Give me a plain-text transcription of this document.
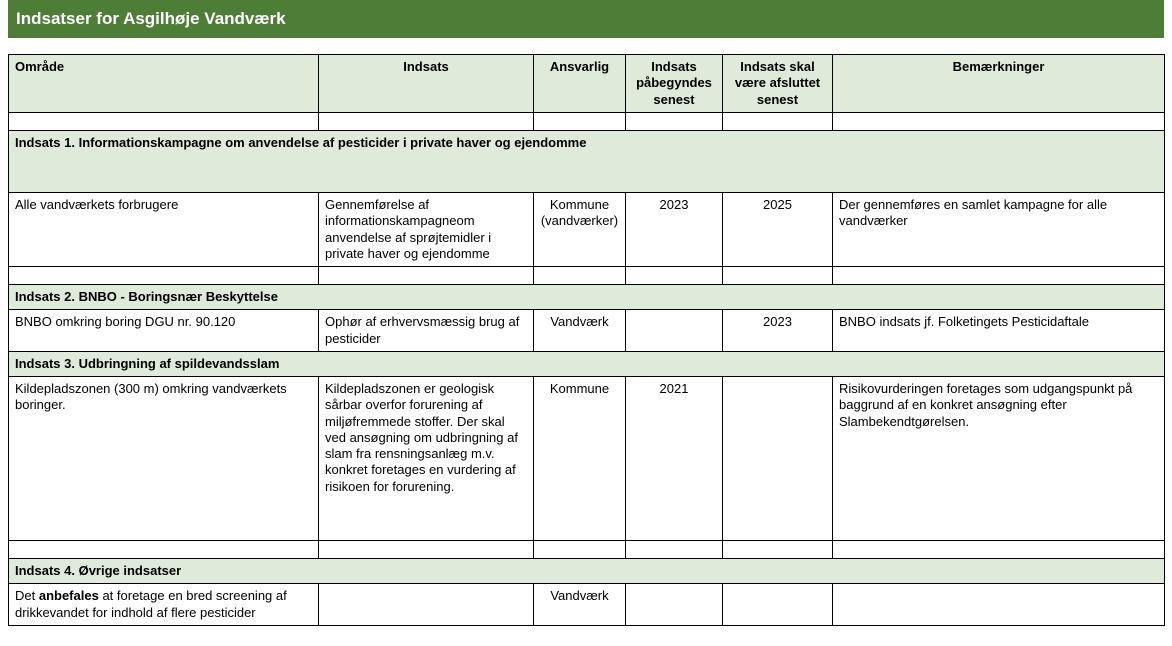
Indsatser for Asgilhøje Vandværk
Område	Indsats	Ansvarlig	Indsats påbegyndes senest	Indsats skal være afsluttet senest	Bemærkninger

Indsats 1. Informationskampagne om anvendelse af pesticider i private haver og ejendomme					
Alle vandværkets forbrugere	Gennemførelse af informationskampagneom anvendelse af sprøjtemidler i private haver og ejendomme	Kommune (vandværker)	2023	2025	Der gennemføres en samlet kampagne for alle vandværker

Indsats 2. BNBO - Boringsnær Beskyttelse					
BNBO omkring boring DGU nr. 90.120	Ophør af erhvervsmæssig brug af pesticider	Vandværk		2023	BNBO indsats jf. Folketingets Pesticidaftale
Indsats 3. Udbringning af spildevandsslam					
Kildepladszonen (300 m) omkring vandværkets boringer.	Kildepladszonen er geologisk sårbar overfor forurening af miljøfremmede stoffer. Der skal ved ansøgning om udbringning af slam fra rensningsanlæg m.v. konkret foretages en vurdering af risikoen for forurening.	Kommune	2021		Risikovurderingen foretages som udgangspunkt på baggrund af en konkret ansøgning efter Slambekendtgørelsen.

Indsats 4. Øvrige indsatser					
Det anbefales at foretage en bred screening af drikkevandet for indhold af flere pesticider		Vandværk			
